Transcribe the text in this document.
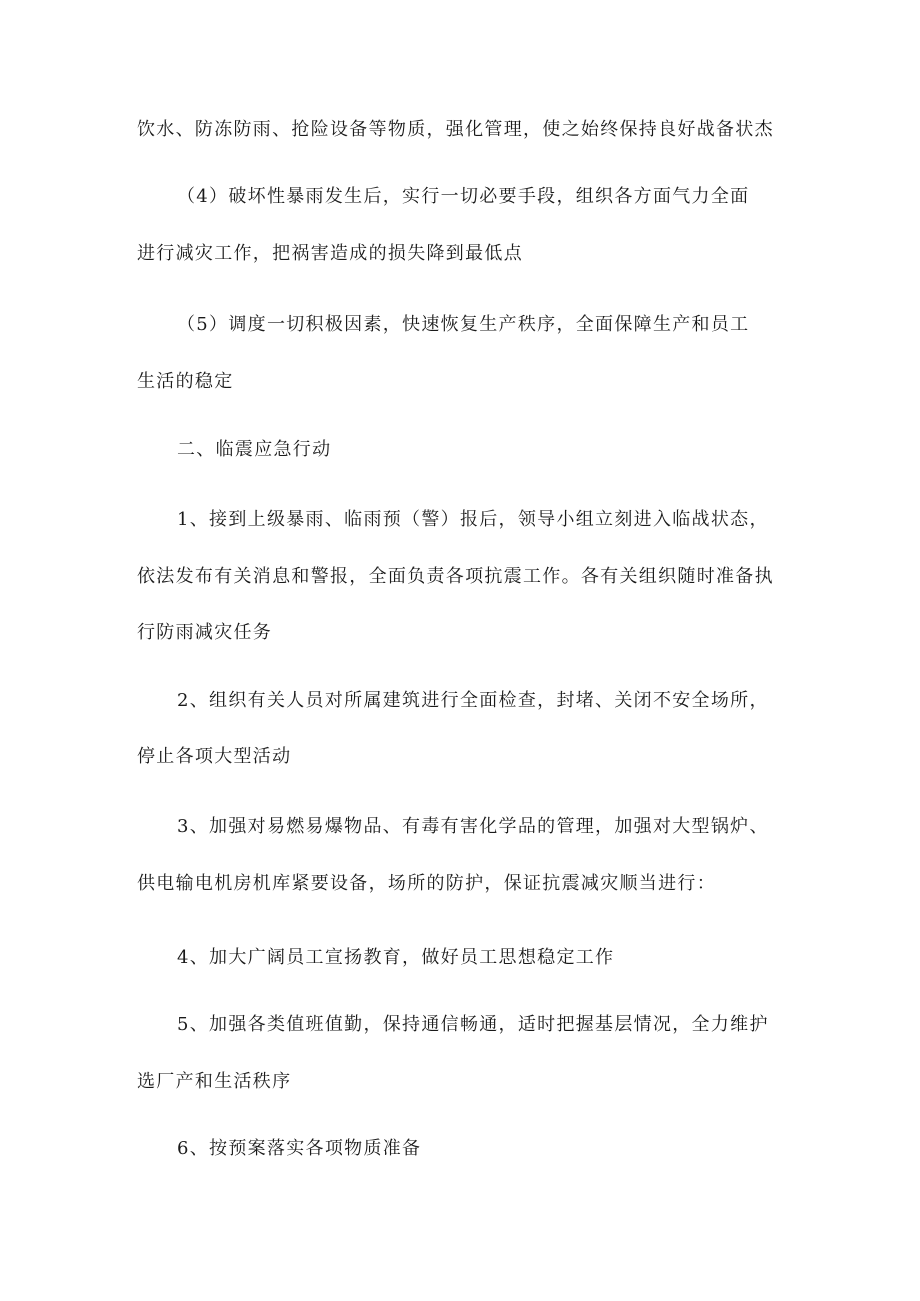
饮水、防冻防雨、抢险设备等物质，强化管理，使之始终保持良好战备状杰
（4）破坏性暴雨发生后，实行一切必要手段，组织各方面气力全面
进行减灾工作，把祸害造成的损失降到最低点
（5）调度一切积极因素，快速恢复生产秩序，全面保障生产和员工
生活的稳定
二、临震应急行动
1、接到上级暴雨、临雨预（警）报后，领导小组立刻进入临战状态，
依法发布有关消息和警报，全面负责各项抗震工作。各有关组织随时准备执
行防雨减灾任务
2、组织有关人员对所属建筑进行全面检查，封堵、关闭不安全场所，
停止各项大型活动
3、加强对易燃易爆物品、有毒有害化学品的管理，加强对大型锅炉、
供电输电机房机库紧要设备，场所的防护，保证抗震减灾顺当进行：
4、加大广阔员工宣扬教育，做好员工思想稳定工作
5、加强各类值班值勤，保持通信畅通，适时把握基层情况，全力维护
选厂产和生活秩序
6、按预案落实各项物质准备
